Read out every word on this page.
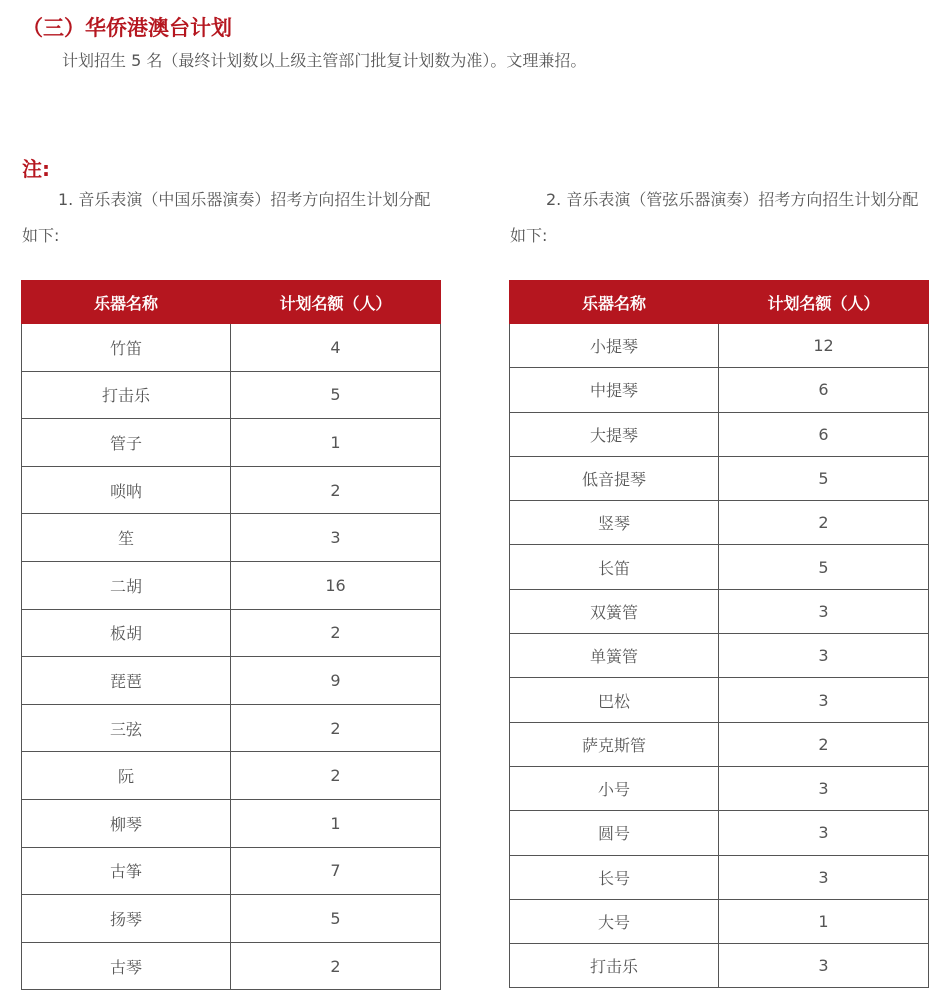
（三）华侨港澳台计划

计划招生 5 名（最终计划数以上级主管部门批复计划数为准）。文理兼招。

注:

1. 音乐表演（中国乐器演奏）招考方向招生计划分配如下:

2. 音乐表演（管弦乐器演奏）招考方向招生计划分配如下:

乐器名称	计划名额（人）
竹笛	4
打击乐	5
管子	1
唢呐	2
笙	3
二胡	16
板胡	2
琵琶	9
三弦	2
阮	2
柳琴	1
古筝	7
扬琴	5
古琴	2
乐器名称	计划名额（人）
小提琴	12
中提琴	6
大提琴	6
低音提琴	5
竖琴	2
长笛	5
双簧管	3
单簧管	3
巴松	3
萨克斯管	2
小号	3
圆号	3
长号	3
大号	1
打击乐	3
